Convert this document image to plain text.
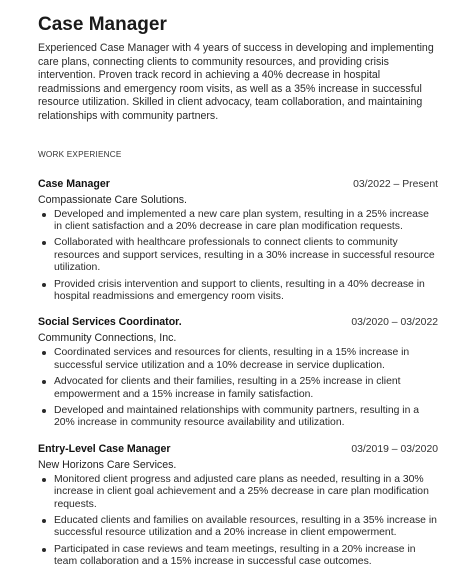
Case Manager
Experienced Case Manager with 4 years of success in developing and implementing care plans, connecting clients to community resources, and providing crisis intervention. Proven track record in achieving a 40% decrease in hospital readmissions and emergency room visits, as well as a 35% increase in successful resource utilization. Skilled in client advocacy, team collaboration, and maintaining relationships with community partners.
WORK EXPERIENCE
Case Manager	03/2022 – Present
Compassionate Care Solutions.
Developed and implemented a new care plan system, resulting in a 25% increase in client satisfaction and a 20% decrease in care plan modification requests.
Collaborated with healthcare professionals to connect clients to community resources and support services, resulting in a 30% increase in successful resource utilization.
Provided crisis intervention and support to clients, resulting in a 40% decrease in hospital readmissions and emergency room visits.
Social Services Coordinator.	03/2020 – 03/2022
Community Connections, Inc.
Coordinated services and resources for clients, resulting in a 15% increase in successful service utilization and a 10% decrease in service duplication.
Advocated for clients and their families, resulting in a 25% increase in client empowerment and a 15% increase in family satisfaction.
Developed and maintained relationships with community partners, resulting in a 20% increase in community resource availability and utilization.
Entry-Level Case Manager	03/2019 – 03/2020
New Horizons Care Services.
Monitored client progress and adjusted care plans as needed, resulting in a 30% increase in client goal achievement and a 25% decrease in care plan modification requests.
Educated clients and families on available resources, resulting in a 35% increase in successful resource utilization and a 20% increase in client empowerment.
Participated in case reviews and team meetings, resulting in a 20% increase in team collaboration and a 15% increase in successful case outcomes.
